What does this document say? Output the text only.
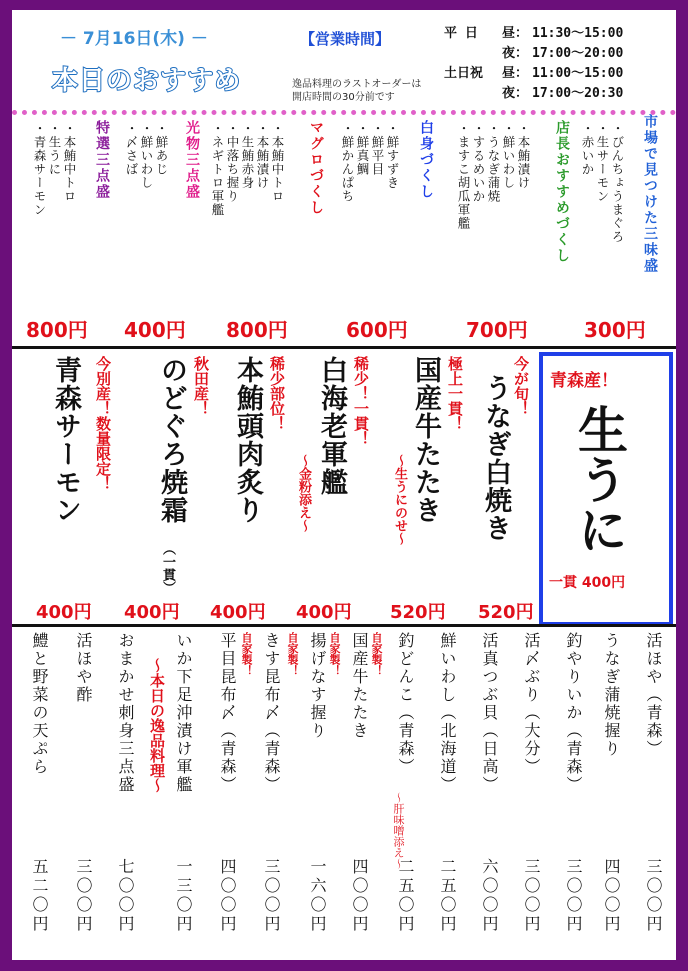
－ 7月16日(木) －
本日のおすすめ
【営業時間】
逸品料理のラストオーダーは
開店時間の30分前です
平 日	昼： 11:30〜15:00
夜： 17:00〜20:00
土日祝	昼： 11:00〜15:00
夜： 17:00〜20:30
市場で見つけた三味盛
・びんちょうまぐろ
・生サーモン
・赤いか
300円
店長おすすめづくし
・本鮪漬け
・鮮いわし
・うなぎ蒲焼
・するめいか
・ますこ胡瓜軍艦
700円
白身づくし
・鮮すずき
・鮮平目
・鮮真鯛
・鮮かんぱち
600円
マグロづくし
・本鮪中トロ
・本鮪漬け
・生鮪赤身
・中落ち握り
・ネギトロ軍艦
800円
光物三点盛
・鮮あじ
・鮮いわし
・〆さば
400円
特選三点盛
・本鮪中トロ
・生うに
・青森サーモン
800円
青森産！
生うに
一貫 400円
今が旬！
うなぎ白焼き
520円
極上一貫！
国産牛たたき
〜生うにのせ〜
520円
稀少！一貫！
白海老軍艦
〜金粉添え〜
400円
稀少部位！
本鮪頭肉炙り
400円
秋田産！
のどぐろ焼霜
（一貫）
400円
今別産！数量限定！
青森サーモン
400円
活ほや（青森）
三〇〇円
うなぎ蒲焼握り
四〇〇円
釣やりいか（青森）
三〇〇円
活〆ぶり（大分）
三〇〇円
活真つぶ貝（日高）
六〇〇円
鮮いわし（北海道）
二五〇円
釣どんこ（青森）
〜肝味噌添え〜
二五〇円
自家製！
国産牛たたき
四〇〇円
自家製！
揚げなす握り
一六〇円
自家製！
きす昆布〆（青森）
三〇〇円
自家製！
平目昆布〆（青森）
四〇〇円
いか下足沖漬け軍艦
一三〇円
〜本日の逸品料理〜
おまかせ刺身三点盛
七〇〇円
活ほや酢
三〇〇円
鱧と野菜の天ぷら
五二〇円
